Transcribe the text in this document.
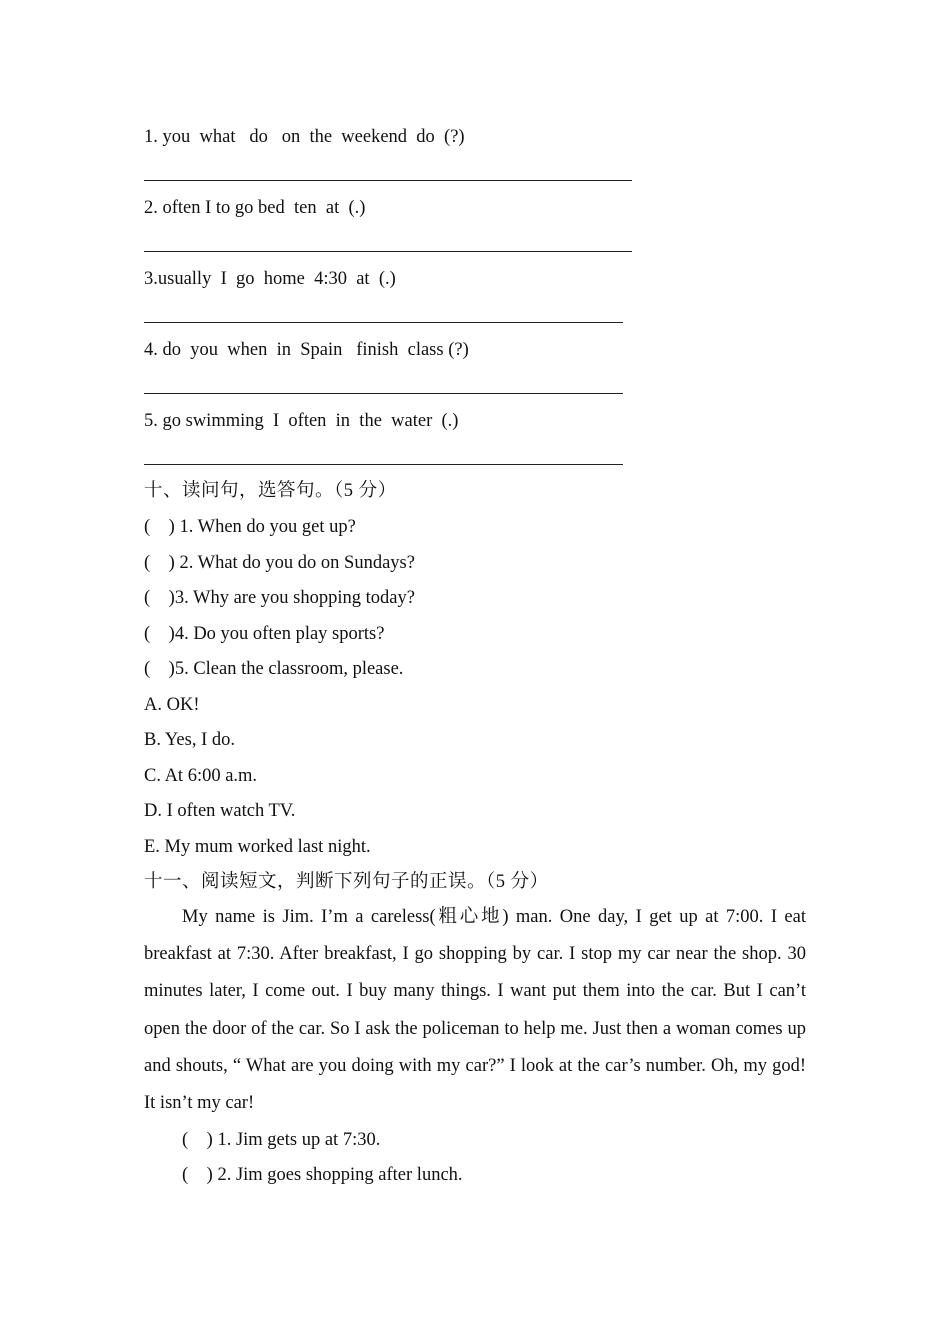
1. you  what   do   on  the  weekend  do  (?)
2. often I to go bed  ten  at  (.)
3.usually  I  go  home  4:30  at  (.)
4. do  you  when  in  Spain   finish  class (?)
5. go swimming  I  often  in  the  water  (.)
十、读问句，选答句。（5 分）
(    ) 1. When do you get up?
(    ) 2. What do you do on Sundays?
(    )3. Why are you shopping today?
(    )4. Do you often play sports?
(    )5. Clean the classroom, please.
A. OK!
B. Yes, I do.
C. At 6:00 a.m.
D. I often watch TV.
E. My mum worked last night.
十一、阅读短文，判断下列句子的正误。（5 分）
My name is Jim. I’m a careless(粗心地) man. One day, I get up at 7:00. I eat breakfast at 7:30. After breakfast, I go shopping by car. I stop my car near the shop. 30 minutes later, I come out. I buy many things. I want put them into the car. But I can’t open the door of the car. So I ask the policeman to help me. Just then a woman comes up and shouts, “ What are you doing with my car?” I look at the car’s number. Oh, my god! It isn’t my car!
(    ) 1. Jim gets up at 7:30.
(    ) 2. Jim goes shopping after lunch.
